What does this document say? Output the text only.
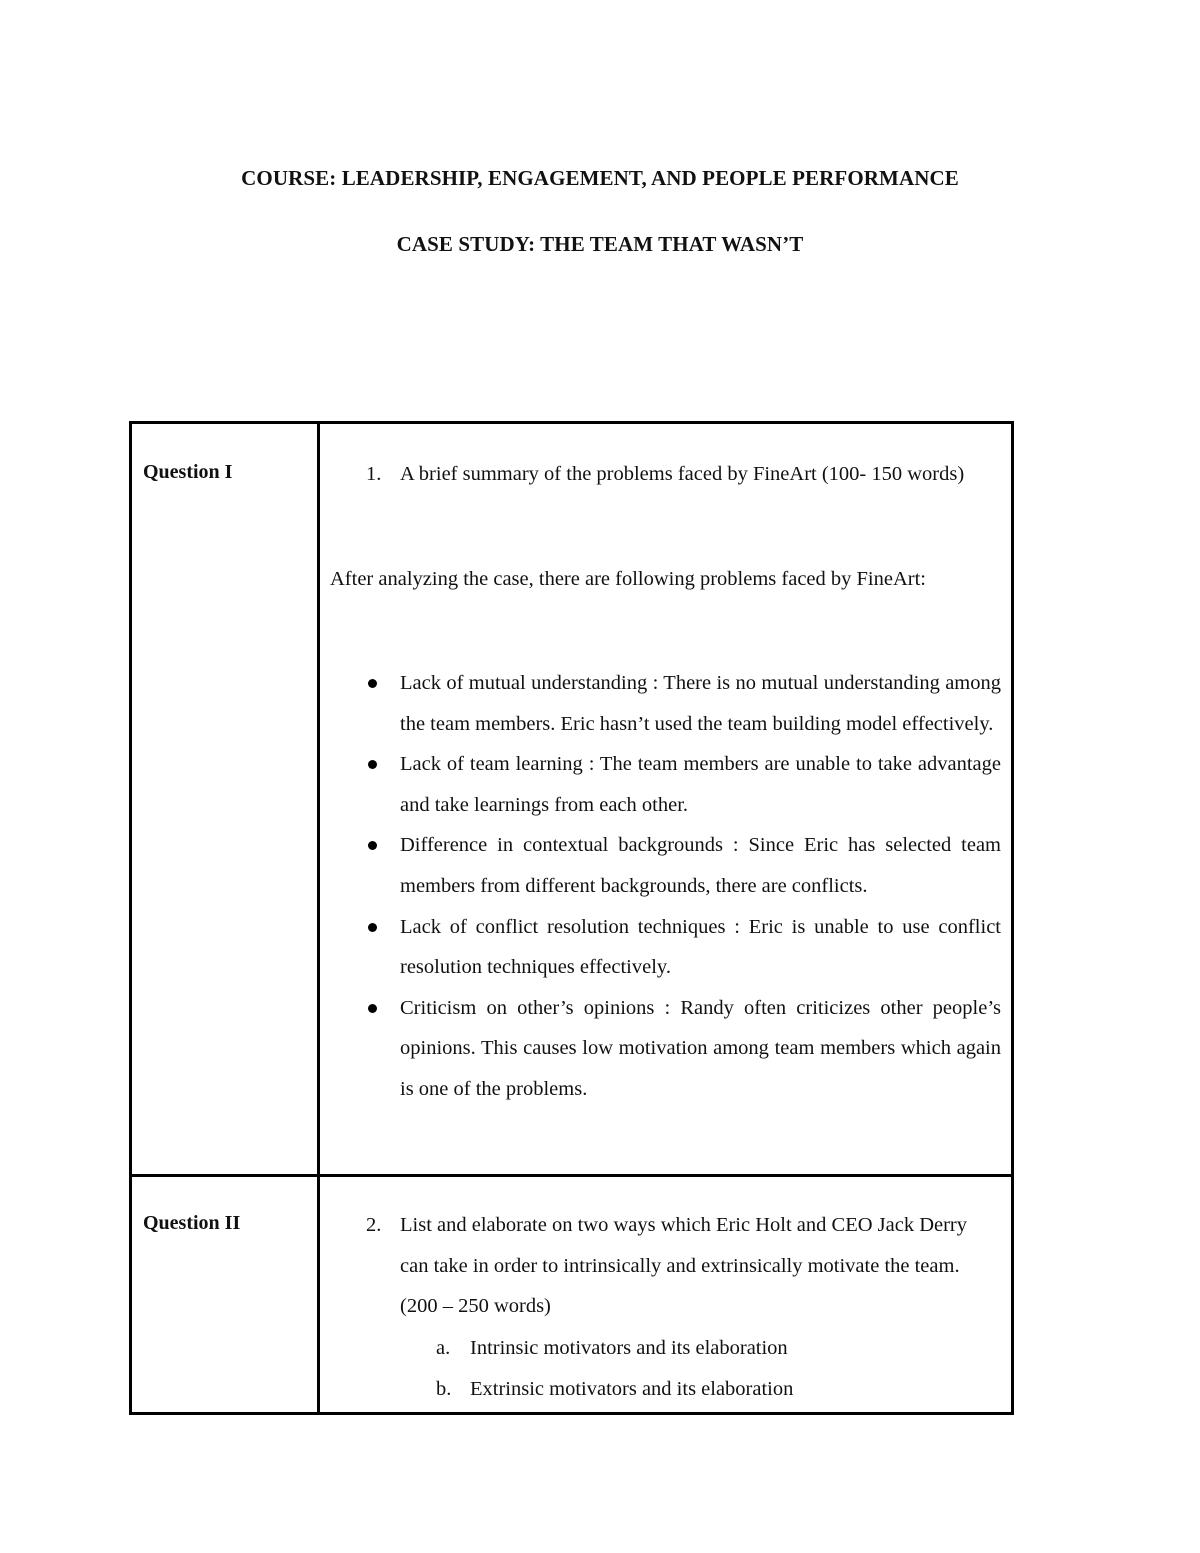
COURSE: LEADERSHIP, ENGAGEMENT, AND PEOPLE PERFORMANCE
CASE STUDY: THE TEAM THAT WASN’T
Question I	1. A brief summary of the problems faced by FineArt (100- 150 words)
After analyzing the case, there are following problems faced by FineArt:
Lack of mutual understanding : There is no mutual understanding among the team members. Eric hasn’t used the team building model effectively.
Lack of team learning : The team members are unable to take advantage and take learnings from each other.
Difference in contextual backgrounds : Since Eric has selected team members from different backgrounds, there are conflicts.
Lack of conflict resolution techniques : Eric is unable to use conflict resolution techniques effectively.
Criticism on other’s opinions : Randy often criticizes other people’s opinions. This causes low motivation among team members which again is one of the problems.
Question II	2. List and elaborate on two ways which Eric Holt and CEO Jack Derry can take in order to intrinsically and extrinsically motivate the team. (200 – 250 words)
a. Intrinsic motivators and its elaboration
b. Extrinsic motivators and its elaboration
